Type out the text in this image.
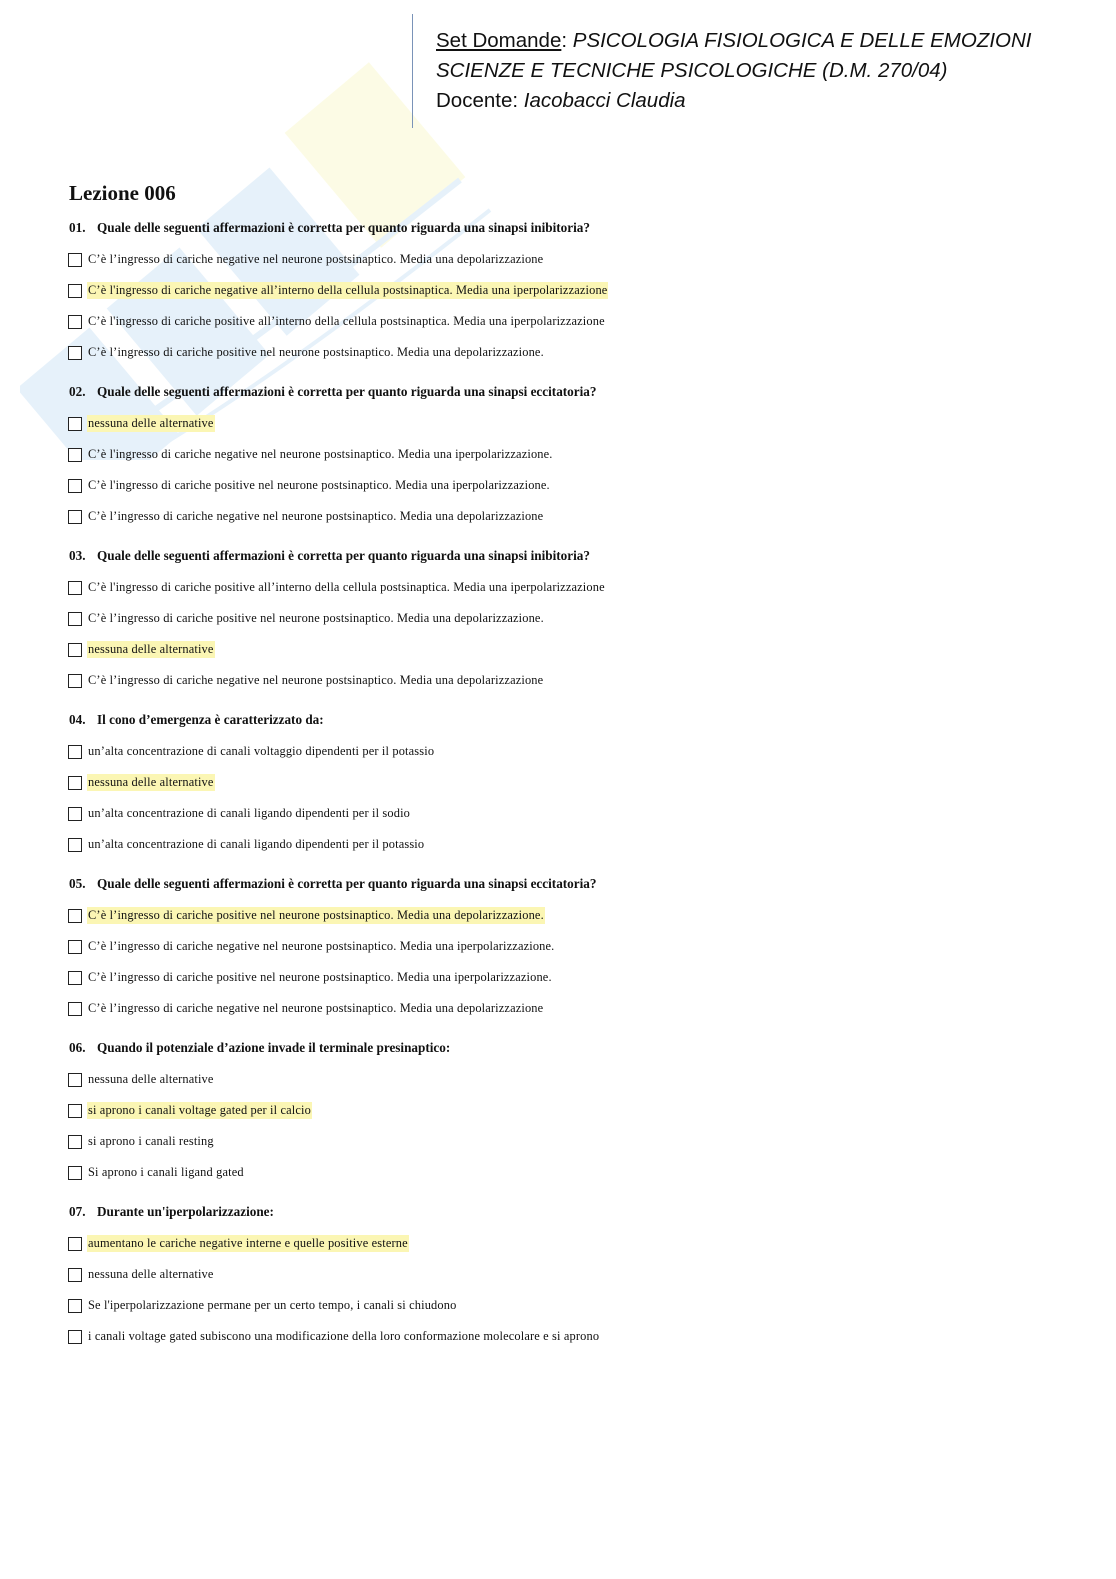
Set Domande: PSICOLOGIA FISIOLOGICA E DELLE EMOZIONI
SCIENZE E TECNICHE PSICOLOGICHE (D.M. 270/04)
Docente: Iacobacci Claudia
Lezione 006
01. Quale delle seguenti affermazioni è corretta per quanto riguarda una sinapsi inibitoria?
C’è l’ingresso di cariche negative nel neurone postsinaptico. Media una depolarizzazione
C’è l'ingresso di cariche negative all’interno della cellula postsinaptica. Media una iperpolarizzazione
C’è l'ingresso di cariche positive all’interno della cellula postsinaptica. Media una iperpolarizzazione
C’è l’ingresso di cariche positive nel neurone postsinaptico. Media una depolarizzazione.
02. Quale delle seguenti affermazioni è corretta per quanto riguarda una sinapsi eccitatoria?
nessuna delle alternative
C’è l'ingresso di cariche negative nel neurone postsinaptico. Media una iperpolarizzazione.
C’è l'ingresso di cariche positive nel neurone postsinaptico. Media una iperpolarizzazione.
C’è l’ingresso di cariche negative nel neurone postsinaptico. Media una depolarizzazione
03. Quale delle seguenti affermazioni è corretta per quanto riguarda una sinapsi inibitoria?
C’è l'ingresso di cariche positive all’interno della cellula postsinaptica. Media una iperpolarizzazione
C’è l’ingresso di cariche positive nel neurone postsinaptico. Media una depolarizzazione.
nessuna delle alternative
C’è l’ingresso di cariche negative nel neurone postsinaptico. Media una depolarizzazione
04. Il cono d’emergenza è caratterizzato da:
un’alta concentrazione di canali voltaggio dipendenti per il potassio
nessuna delle alternative
un’alta concentrazione di canali ligando dipendenti per il sodio
un’alta concentrazione di canali ligando dipendenti per il potassio
05. Quale delle seguenti affermazioni è corretta per quanto riguarda una sinapsi eccitatoria?
C’è l’ingresso di cariche positive nel neurone postsinaptico. Media una depolarizzazione.
C’è l’ingresso di cariche negative nel neurone postsinaptico. Media una iperpolarizzazione.
C’è l’ingresso di cariche positive nel neurone postsinaptico. Media una iperpolarizzazione.
C’è l’ingresso di cariche negative nel neurone postsinaptico. Media una depolarizzazione
06. Quando il potenziale d’azione invade il terminale presinaptico:
nessuna delle alternative
si aprono i canali voltage gated per il calcio
si aprono i canali resting
Si aprono i canali ligand gated
07. Durante un'iperpolarizzazione:
aumentano le cariche negative interne e quelle positive esterne
nessuna delle alternative
Se l'iperpolarizzazione permane per un certo tempo, i canali si chiudono
i canali voltage gated subiscono una modificazione della loro conformazione molecolare e si aprono
